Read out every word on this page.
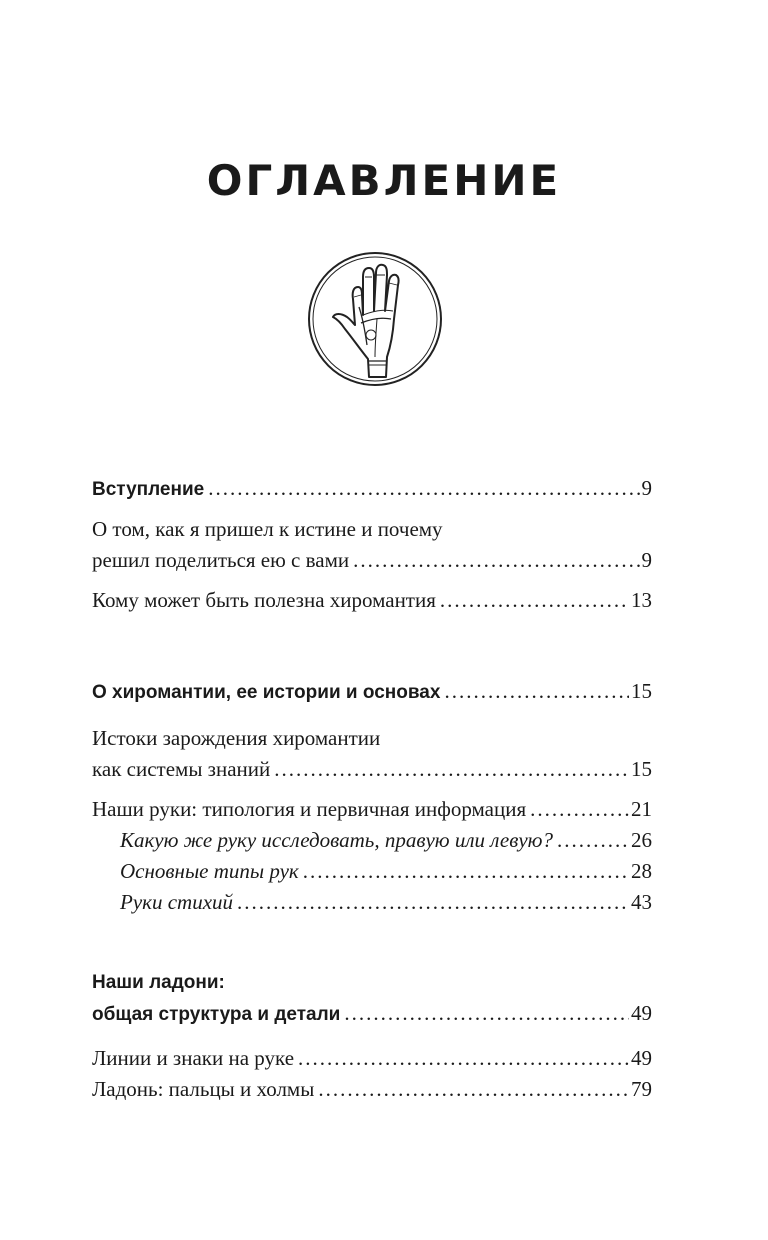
ОГЛАВЛЕНИЕ
Вступление .....	9
О том, как я пришел к истине и почему
решил поделиться ею с вами .....	9
Кому может быть полезна хиромантия .....	13
О хиромантии, ее истории и основах .....	15
Истоки зарождения хиромантии
как системы знаний .....	15
Наши руки: типология и первичная информация .....	21
Какую же руку исследовать, правую или левую? .....	26
Основные типы рук .....	28
Руки стихий .....	43
Наши ладони:
общая структура и детали .....	49
Линии и знаки на руке .....	49
Ладонь: пальцы и холмы .....	79
